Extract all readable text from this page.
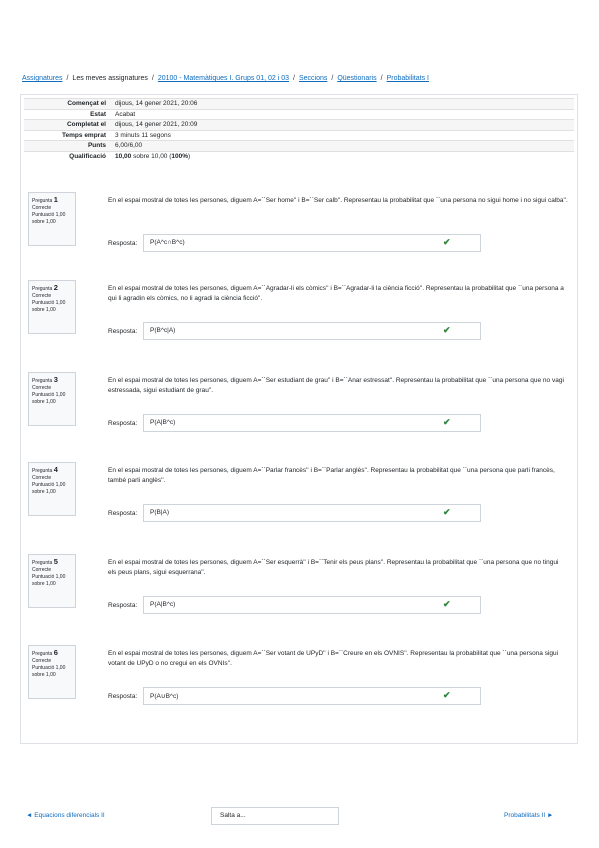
Assignatures / Les meves assignatures / 20100 - Matemàtiques I. Grups 01, 02 i 03 / Seccions / Qüestionaris / Probabilitats I
Començat el	dijous, 14 gener 2021, 20:06
Estat	Acabat
Completat el	dijous, 14 gener 2021, 20:09
Temps emprat	3 minuts 11 segons
Punts	6,00/6,00
Qualificació	10,00 sobre 10,00 (100%)
Pregunta 1
Correcte
Puntuació 1,00
sobre 1,00
En el espai mostral de totes les persones, diguem A=``Ser home'' i B=``Ser calb''. Representau la probabilitat que ``una persona no sigui home i no sigui calba''.
Resposta:	P(A^c∩B^c)	✔
Pregunta 2
Correcte
Puntuació 1,00
sobre 1,00
En el espai mostral de totes les persones, diguem A=``Agradar-li els còmics'' i B=``Agradar-li la ciència ficció''. Representau la probabilitat que ``una persona a qui li agradin els còmics, no li agradi la ciència ficció''.
Resposta:	P(B^c|A)	✔
Pregunta 3
Correcte
Puntuació 1,00
sobre 1,00
En el espai mostral de totes les persones, diguem A=``Ser estudiant de grau'' i B=``Anar estressat''. Representau la probabilitat que ``una persona que no vagi estressada, sigui estudiant de grau''.
Resposta:	P(A|B^c)	✔
Pregunta 4
Correcte
Puntuació 1,00
sobre 1,00
En el espai mostral de totes les persones, diguem A=``Parlar francès'' i B=``Parlar anglès''. Representau la probabilitat que ``una persona que parli francès, també parli anglès''.
Resposta:	P(B|A)	✔
Pregunta 5
Correcte
Puntuació 1,00
sobre 1,00
En el espai mostral de totes les persones, diguem A=``Ser esquerrà'' i B=``Tenir els peus plans''. Representau la probabilitat que ``una persona que no tingui els peus plans, sigui esquerrana''.
Resposta:	P(A|B^c)	✔
Pregunta 6
Correcte
Puntuació 1,00
sobre 1,00
En el espai mostral de totes les persones, diguem A=``Ser votant de UPyD'' i B=``Creure en els OVNIS''. Representau la probabilitat que ``una persona sigui votant de UPyD o no cregui en els OVNIs''.
Resposta:	P(A∪B^c)	✔
◄ Equacions diferencials II	Salta a...	Probabilitats II ►
